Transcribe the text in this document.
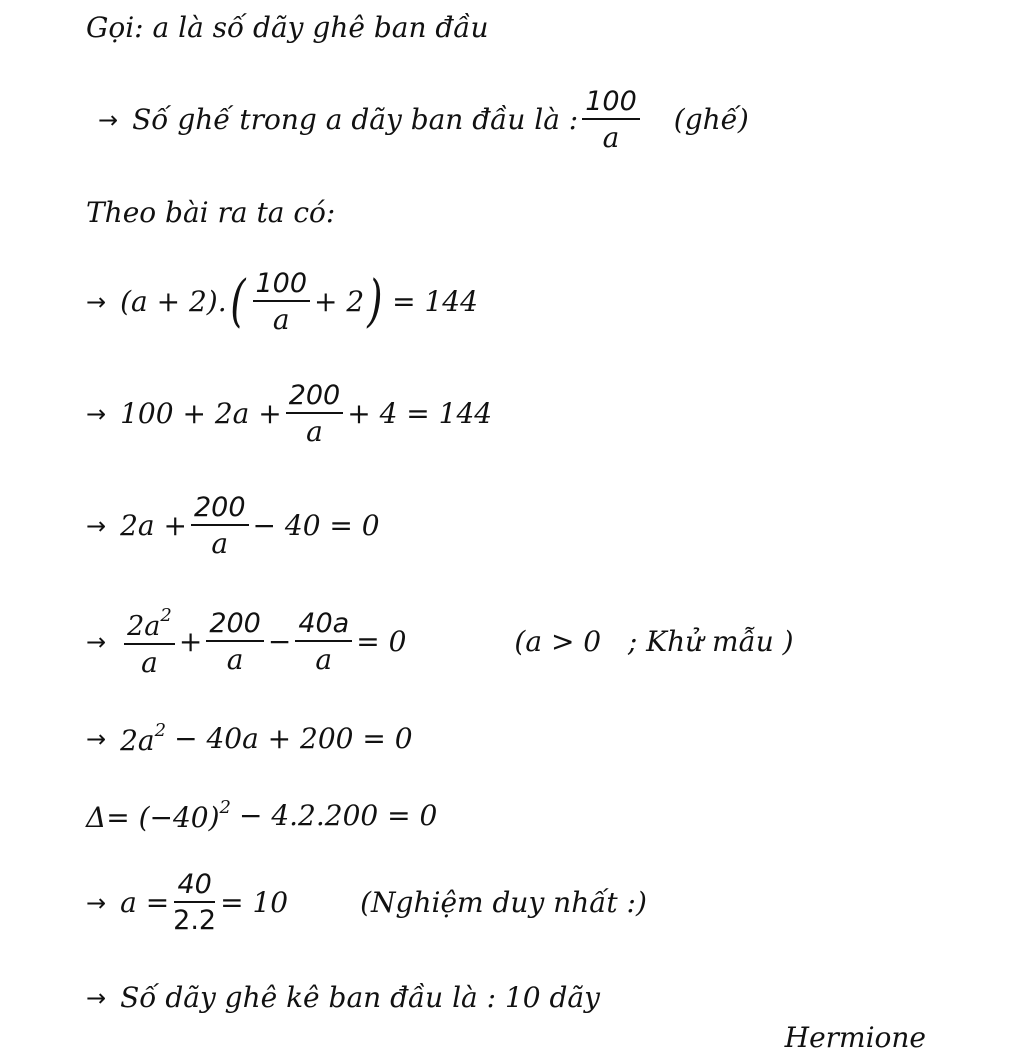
Gọi: a là số dãy ghê ban đầu
→ Số ghế trong a dãy ban đầu là : $\frac{100}{a}$ (ghế)
Theo bài ra ta có:
→ (a + 2). ( $\frac{100}{a} + 2$ ) = 144
→ $100 + 2a + \frac{200}{a} + 4 = 144$
→ $2a + \frac{200}{a} - 40 = 0$
→ $\frac{2a^2}{a} + \frac{200}{a} - \frac{40a}{a} = 0$	(a > 0   ; Khử mẫu )
→ $2a^2 - 40a + 200 = 0$
$\Delta= (-40)^2 - 4.2.200 = 0$
→ $a = \frac{40}{2.2} = 10$	(Nghiệm duy nhất :)
→ Số dãy ghê kê ban đầu là : 10 dãy
Hermione
